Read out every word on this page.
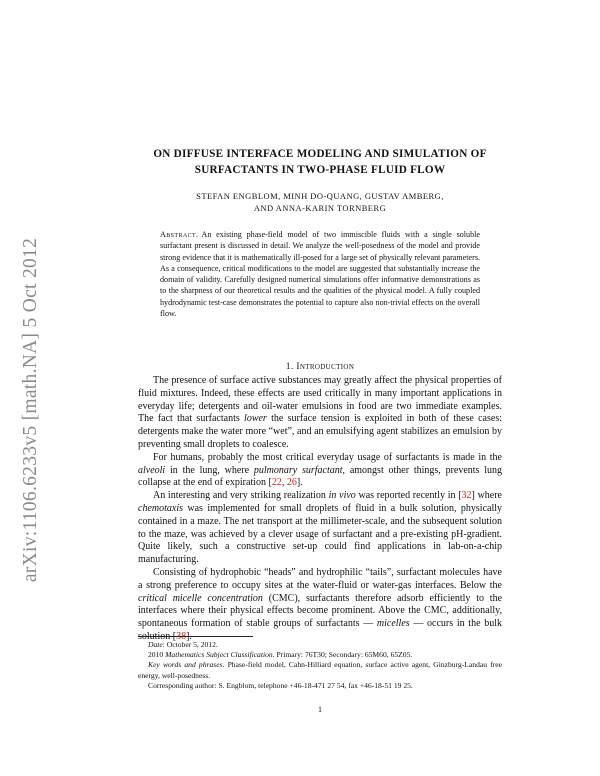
arXiv:1106.6233v5 [math.NA] 5 Oct 2012
ON DIFFUSE INTERFACE MODELING AND SIMULATION OF
SURFACTANTS IN TWO-PHASE FLUID FLOW
STEFAN ENGBLOM, MINH DO-QUANG, GUSTAV AMBERG,
AND ANNA-KARIN TORNBERG
Abstract. An existing phase-field model of two immiscible fluids with a single soluble surfactant present is discussed in detail. We analyze the well-posedness of the model and provide strong evidence that it is mathematically ill-posed for a large set of physically relevant parameters. As a consequence, critical modifications to the model are suggested that substantially increase the domain of validity. Carefully designed numerical simulations offer informative demonstrations as to the sharpness of our theoretical results and the qualities of the physical model. A fully coupled hydrodynamic test-case demonstrates the potential to capture also non-trivial effects on the overall flow.
1. Introduction

The presence of surface active substances may greatly affect the physical properties of fluid mixtures. Indeed, these effects are used critically in many important applications in everyday life; detergents and oil-water emulsions in food are two immediate examples. The fact that surfactants lower the surface tension is exploited in both of these cases: detergents make the water more “wet”, and an emulsifying agent stabilizes an emulsion by preventing small droplets to coalesce.

For humans, probably the most critical everyday usage of surfactants is made in the alveoli in the lung, where pulmonary surfactant, amongst other things, prevents lung collapse at the end of expiration [22, 26].

An interesting and very striking realization in vivo was reported recently in [32] where chemotaxis was implemented for small droplets of fluid in a bulk solution, physically contained in a maze. The net transport at the millimeter-scale, and the subsequent solution to the maze, was achieved by a clever usage of surfactant and a pre-existing pH-gradient. Quite likely, such a constructive set-up could find applications in lab-on-a-chip manufacturing.

Consisting of hydrophobic “heads” and hydrophilic “tails”, surfactant molecules have a strong preference to occupy sites at the water-fluid or water-gas interfaces. Below the critical micelle concentration (CMC), surfactants therefore adsorb efficiently to the interfaces where their physical effects become prominent. Above the CMC, additionally, spontaneous formation of stable groups of surfactants — micelles — occurs in the bulk solution [38].

Date: October 5, 2012.

2010 Mathematics Subject Classification. Primary: 76T30; Secondary: 65M60, 65Z05.

Key words and phrases. Phase-field model, Cahn-Hilliard equation, surface active agent, Ginzburg-Landau free energy, well-posedness.

Corresponding author: S. Engblom, telephone +46-18-471 27 54, fax +46-18-51 19 25.

1
